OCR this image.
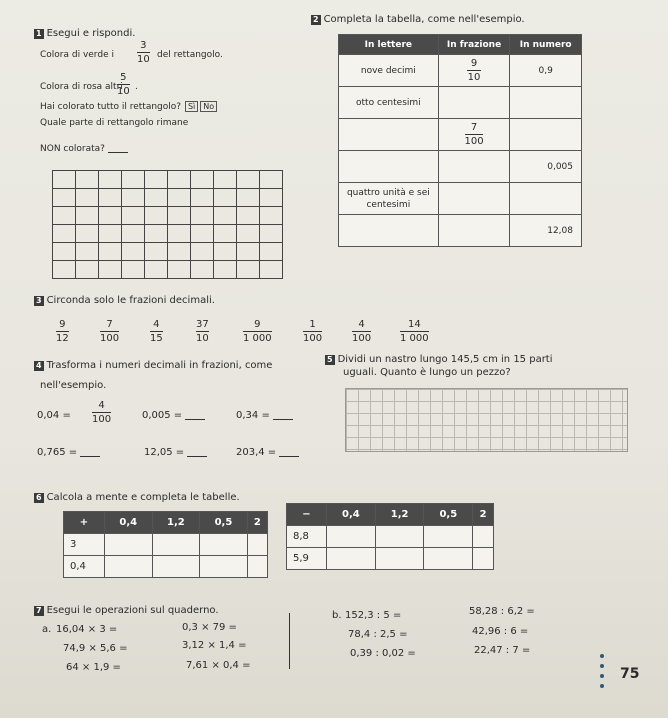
1 Esegui e rispondi.
Colora di verde i
3
10 del rettangolo.
Colora di rosa altri
5
10 .
Hai colorato tutto il rettangolo? Sì No
Quale parte di rettangolo rimane
NON colorata?

2 Completa la tabella, come nell'esempio.
In lettere	In frazione	In numero
nove decimi	$\frac{9}{10}$	0,9
otto centesimi		

	$\frac{7}{100}$

		0,005
quattro unità e sei centesimi		
		12,08
3 Circonda solo le frazioni decimali.
9
12
7
100
4
15
37
10
9
1 000
1
100
4
100
14
1 000
4 Trasforma i numeri decimali in frazioni, come
nell'esempio.
0,04 =
4
100	0,005 =	0,34 =
0,765 =	12,05 =	203,4 =
5 Dividi un nastro lungo 145,5 cm in 15 parti
uguali. Quanto è lungo un pezzo?
6 Calcola a mente e completa le tabelle.
+	0,4	1,2	0,5	2
3				
0,4				
−	0,4	1,2	0,5	2
8,8				
5,9				
7 Esegui le operazioni sul quaderno.
a. 16,04 × 3 =
74,9 × 5,6 =
64 × 1,9 =
0,3 × 79 =
3,12 × 1,4 =
7,61 × 0,4 =
b. 152,3 : 5 =
78,4 : 2,5 =
0,39 : 0,02 =
58,28 : 6,2 =
42,96 : 6 =
22,47 : 7 =
75
